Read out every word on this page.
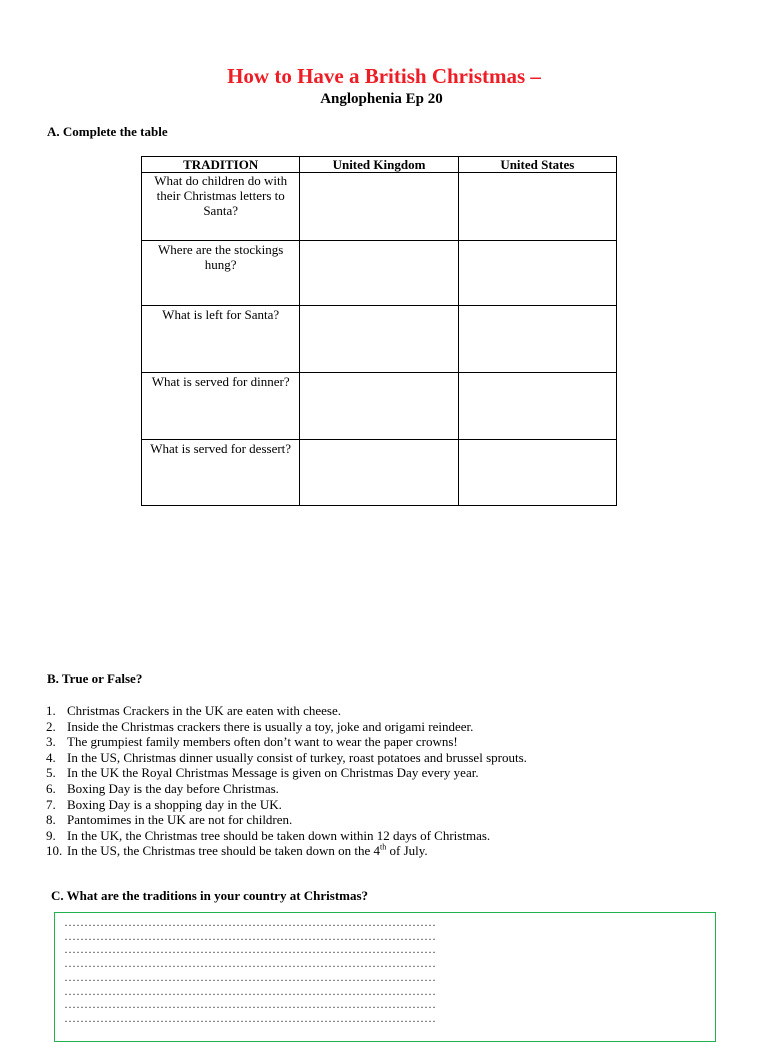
How to Have a British Christmas –
Anglophenia Ep 20
A. Complete the table
TRADITION	United Kingdom	United States
What do children do with their Christmas letters to Santa?		
Where are the stockings hung?		
What is left for Santa?		
What is served for dinner?		
What is served for dessert?		
B. True or False?
1. Christmas Crackers in the UK are eaten with cheese.
2. Inside the Christmas crackers there is usually a toy, joke and origami reindeer.
3. The grumpiest family members often don’t want to wear the paper crowns!
4. In the US, Christmas dinner usually consist of turkey, roast potatoes and brussel sprouts.
5. In the UK the Royal Christmas Message is given on Christmas Day every year.
6. Boxing Day is the day before Christmas.
7. Boxing Day is a shopping day in the UK.
8. Pantomimes in the UK are not for children.
9. In the UK, the Christmas tree should be taken down within 12 days of Christmas.
10. In the US, the Christmas tree should be taken down on the 4th of July.
C. What are the traditions in your country at Christmas?
…………………………………………………………………………………
…………………………………………………………………………………
…………………………………………………………………………………
…………………………………………………………………………………
…………………………………………………………………………………
…………………………………………………………………………………
…………………………………………………………………………………
…………………………………………………………………………………
